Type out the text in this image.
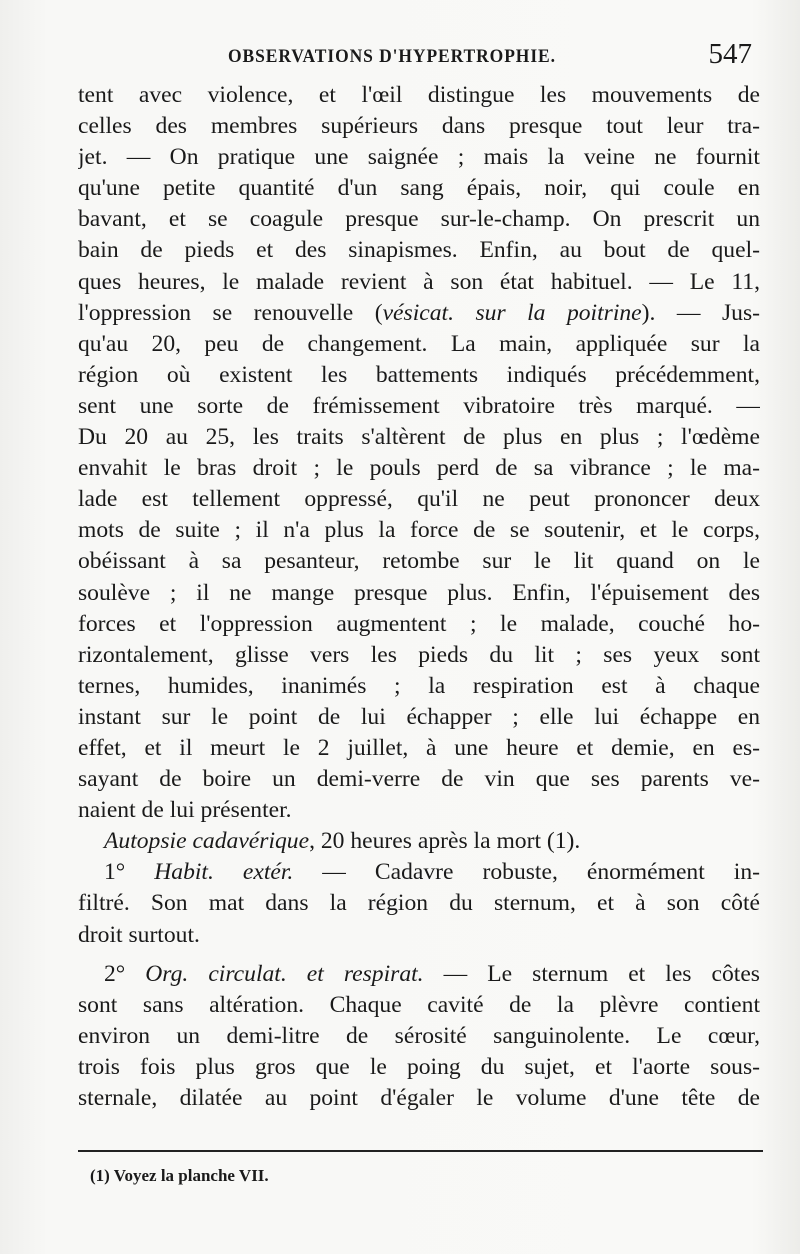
OBSERVATIONS D'HYPERTROPHIE.	547
tent avec violence, et l'œil distingue les mouvements de
celles des membres supérieurs dans presque tout leur tra-
jet. — On pratique une saignée ; mais la veine ne fournit
qu'une petite quantité d'un sang épais, noir, qui coule en
bavant, et se coagule presque sur-le-champ. On prescrit un
bain de pieds et des sinapismes. Enfin, au bout de quel-
ques heures, le malade revient à son état habituel. — Le 11,
l'oppression se renouvelle (vésicat. sur la poitrine). — Jus-
qu'au 20, peu de changement. La main, appliquée sur la
région où existent les battements indiqués précédemment,
sent une sorte de frémissement vibratoire très marqué. —
Du 20 au 25, les traits s'altèrent de plus en plus ; l'œdème
envahit le bras droit ; le pouls perd de sa vibrance ; le ma-
lade est tellement oppressé, qu'il ne peut prononcer deux
mots de suite ; il n'a plus la force de se soutenir, et le corps,
obéissant à sa pesanteur, retombe sur le lit quand on le
soulève ; il ne mange presque plus. Enfin, l'épuisement des
forces et l'oppression augmentent ; le malade, couché ho-
rizontalement, glisse vers les pieds du lit ; ses yeux sont
ternes, humides, inanimés ; la respiration est à chaque
instant sur le point de lui échapper ; elle lui échappe en
effet, et il meurt le 2 juillet, à une heure et demie, en es-
sayant de boire un demi-verre de vin que ses parents ve-
naient de lui présenter.
Autopsie cadavérique, 20 heures après la mort (1).
1° Habit. extér. — Cadavre robuste, énormément in-
filtré. Son mat dans la région du sternum, et à son côté
droit surtout.
2° Org. circulat. et respirat. — Le sternum et les côtes
sont sans altération. Chaque cavité de la plèvre contient
environ un demi-litre de sérosité sanguinolente. Le cœur,
trois fois plus gros que le poing du sujet, et l'aorte sous-
sternale, dilatée au point d'égaler le volume d'une tête de
(1) Voyez la planche VII.
